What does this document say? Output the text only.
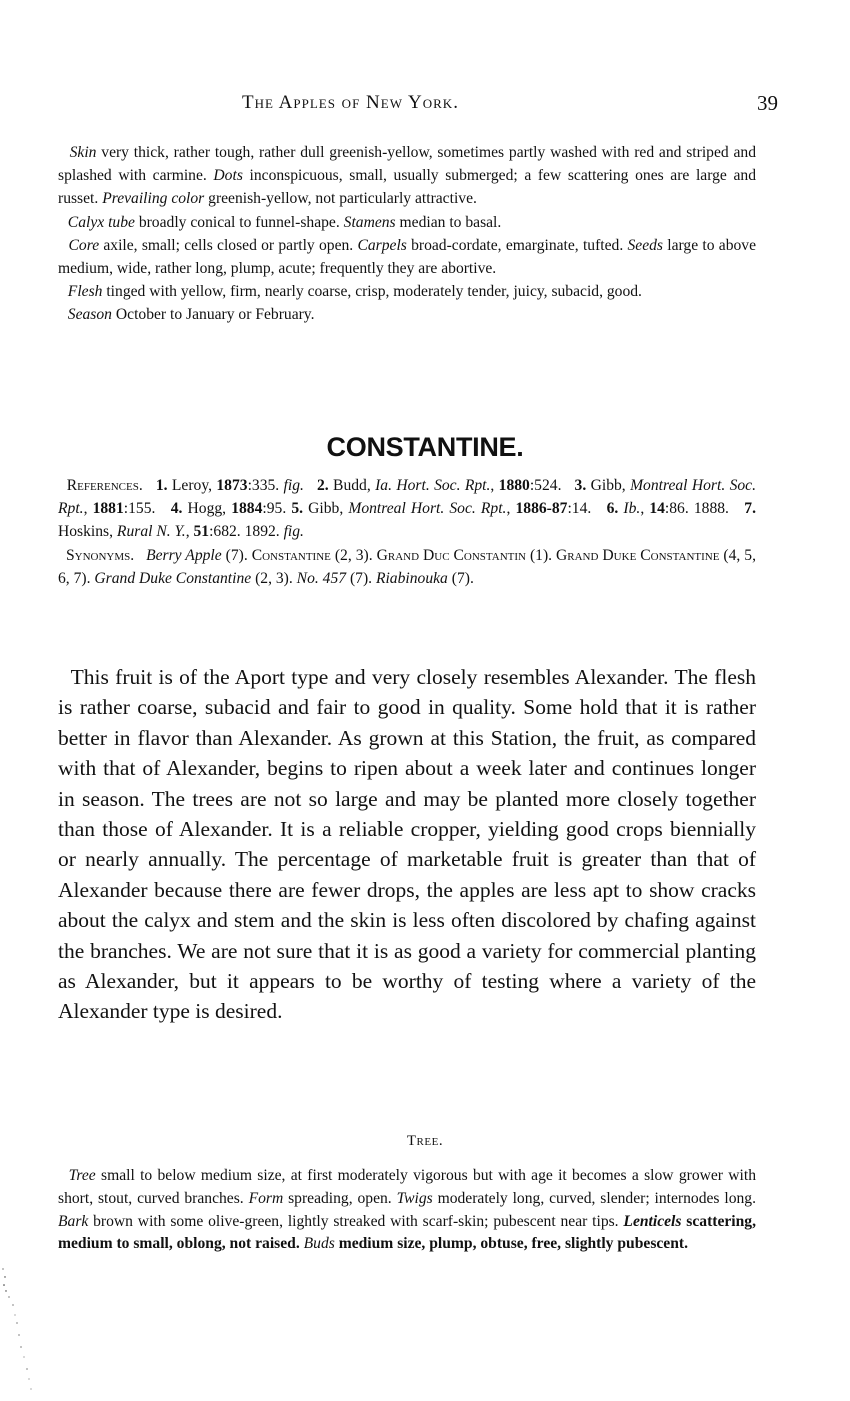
The Apples of New York.	39

Skin very thick, rather tough, rather dull greenish-yellow, sometimes partly washed with red and striped and splashed with carmine. Dots inconspicuous, small, usually submerged; a few scattering ones are large and russet. Prevailing color greenish-yellow, not particularly attractive.

Calyx tube broadly conical to funnel-shape. Stamens median to basal.

Core axile, small; cells closed or partly open. Carpels broad-cordate, emarginate, tufted. Seeds large to above medium, wide, rather long, plump, acute; frequently they are abortive.

Flesh tinged with yellow, firm, nearly coarse, crisp, moderately tender, juicy, subacid, good.

Season October to January or February.

CONSTANTINE.

References. 1. Leroy, 1873:335. fig. 2. Budd, Ia. Hort. Soc. Rpt., 1880:524. 3. Gibb, Montreal Hort. Soc. Rpt., 1881:155. 4. Hogg, 1884:95. 5. Gibb, Montreal Hort. Soc. Rpt., 1886-87:14. 6. Ib., 14:86. 1888. 7. Hoskins, Rural N. Y., 51:682. 1892. fig.

Synonyms. Berry Apple (7). Constantine (2, 3). Grand Duc Constantin (1). Grand Duke Constantine (4, 5, 6, 7). Grand Duke Constantine (2, 3). No. 457 (7). Riabinouka (7).

This fruit is of the Aport type and very closely resembles Alexander. The flesh is rather coarse, subacid and fair to good in quality. Some hold that it is rather better in flavor than Alexander. As grown at this Station, the fruit, as compared with that of Alexander, begins to ripen about a week later and continues longer in season. The trees are not so large and may be planted more closely together than those of Alexander. It is a reliable cropper, yielding good crops biennially or nearly annually. The percentage of marketable fruit is greater than that of Alexander because there are fewer drops, the apples are less apt to show cracks about the calyx and stem and the skin is less often discolored by chafing against the branches. We are not sure that it is as good a variety for commercial planting as Alexander, but it appears to be worthy of testing where a variety of the Alexander type is desired.

Tree.

Tree small to below medium size, at first moderately vigorous but with age it becomes a slow grower with short, stout, curved branches. Form spreading, open. Twigs moderately long, curved, slender; internodes long. Bark brown with some olive-green, lightly streaked with scarf-skin; pubescent near tips. Lenticels scattering, medium to small, oblong, not raised. Buds medium size, plump, obtuse, free, slightly pubescent.
